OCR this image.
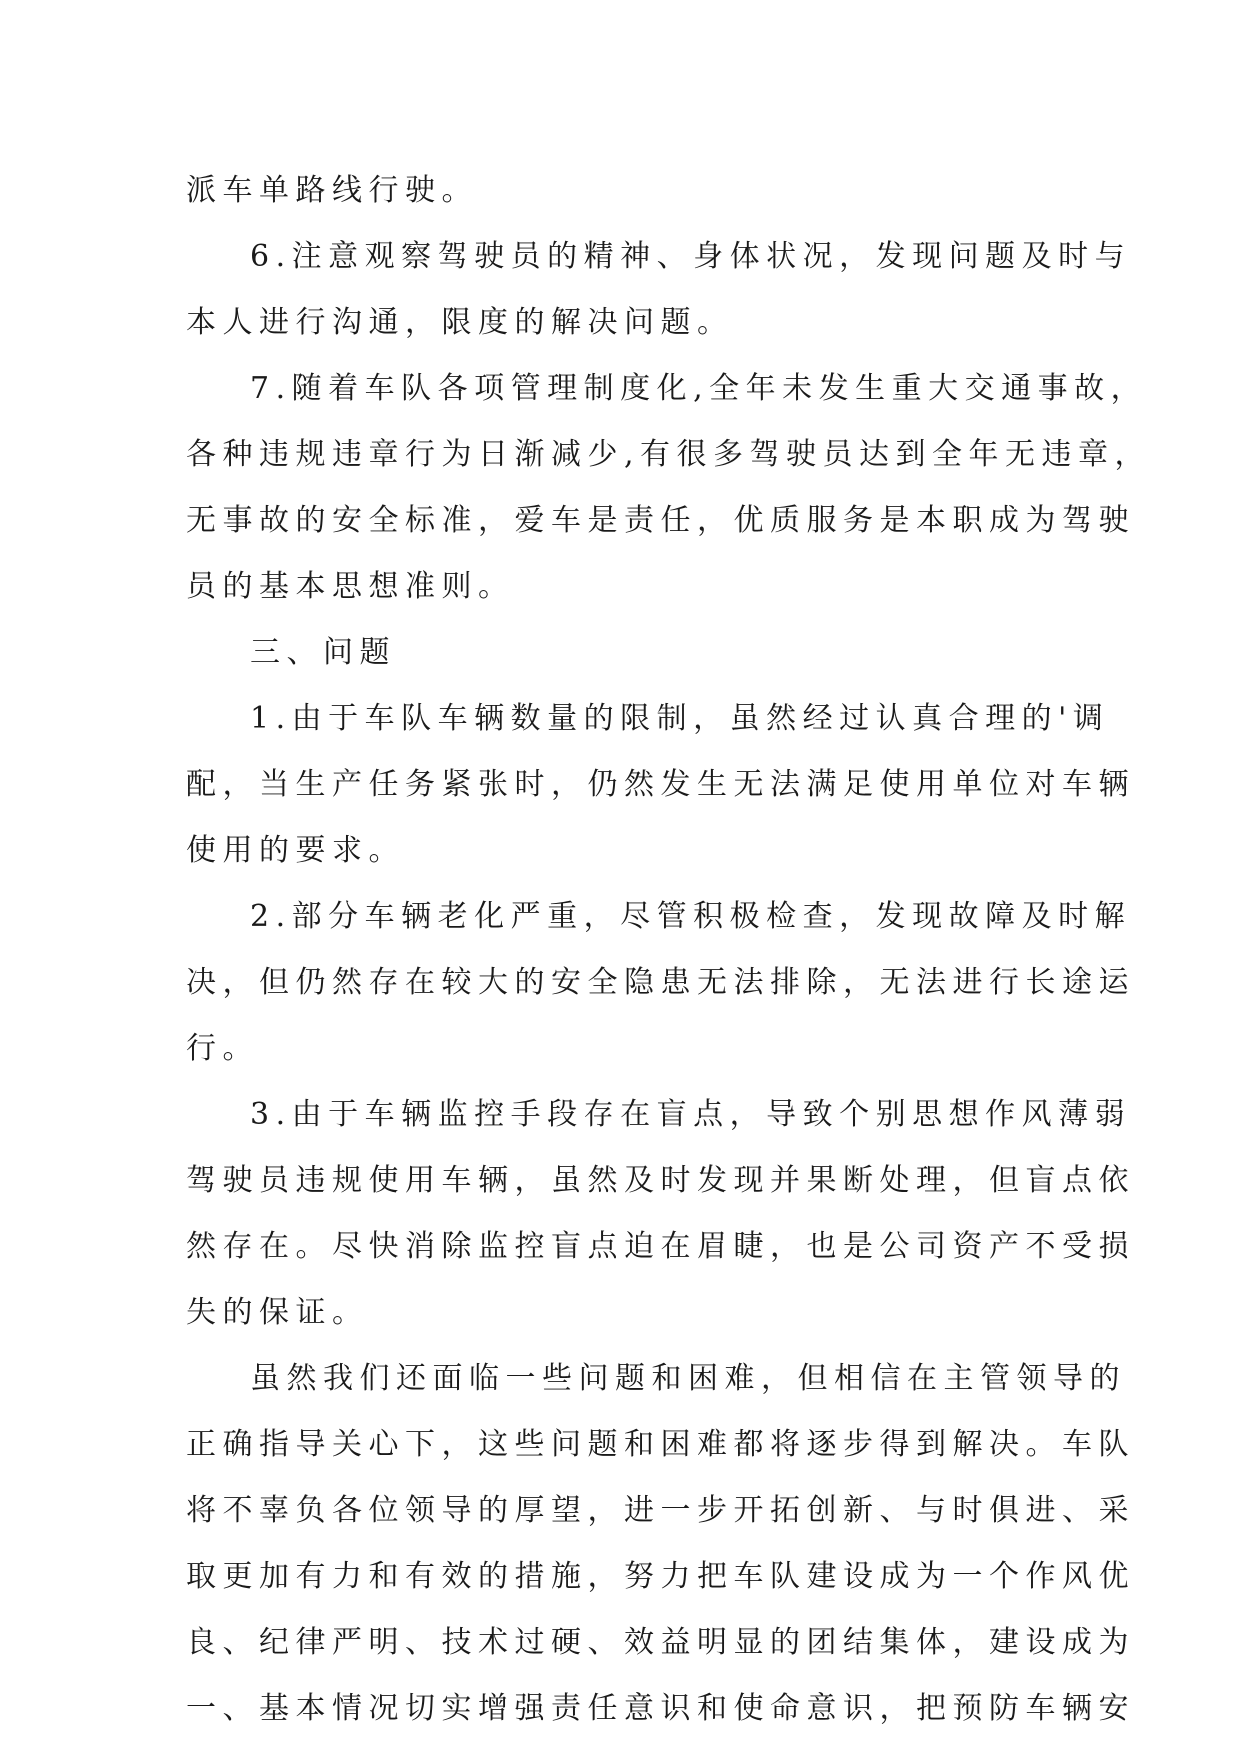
派车单路线行驶。
6.注意观察驾驶员的精神、身体状况，发现问题及时与
本人进行沟通，限度的解决问题。
7.随着车队各项管理制度化,全年未发生重大交通事故，
各种违规违章行为日渐减少,有很多驾驶员达到全年无违章，
无事故的安全标准，爱车是责任，优质服务是本职成为驾驶
员的基本思想准则。
三、问题
1.由于车队车辆数量的限制，虽然经过认真合理的'调
配，当生产任务紧张时，仍然发生无法满足使用单位对车辆
使用的要求。
2.部分车辆老化严重，尽管积极检查，发现故障及时解
决，但仍然存在较大的安全隐患无法排除，无法进行长途运
行。
3.由于车辆监控手段存在盲点，导致个别思想作风薄弱
驾驶员违规使用车辆，虽然及时发现并果断处理，但盲点依
然存在。尽快消除监控盲点迫在眉睫，也是公司资产不受损
失的保证。
虽然我们还面临一些问题和困难，但相信在主管领导的
正确指导关心下，这些问题和困难都将逐步得到解决。车队
将不辜负各位领导的厚望，进一步开拓创新、与时俱进、采
取更加有力和有效的措施，努力把车队建设成为一个作风优
良、纪律严明、技术过硬、效益明显的团结集体，建设成为
一、基本情况切实增强责任意识和使命意识，把预防车辆安
